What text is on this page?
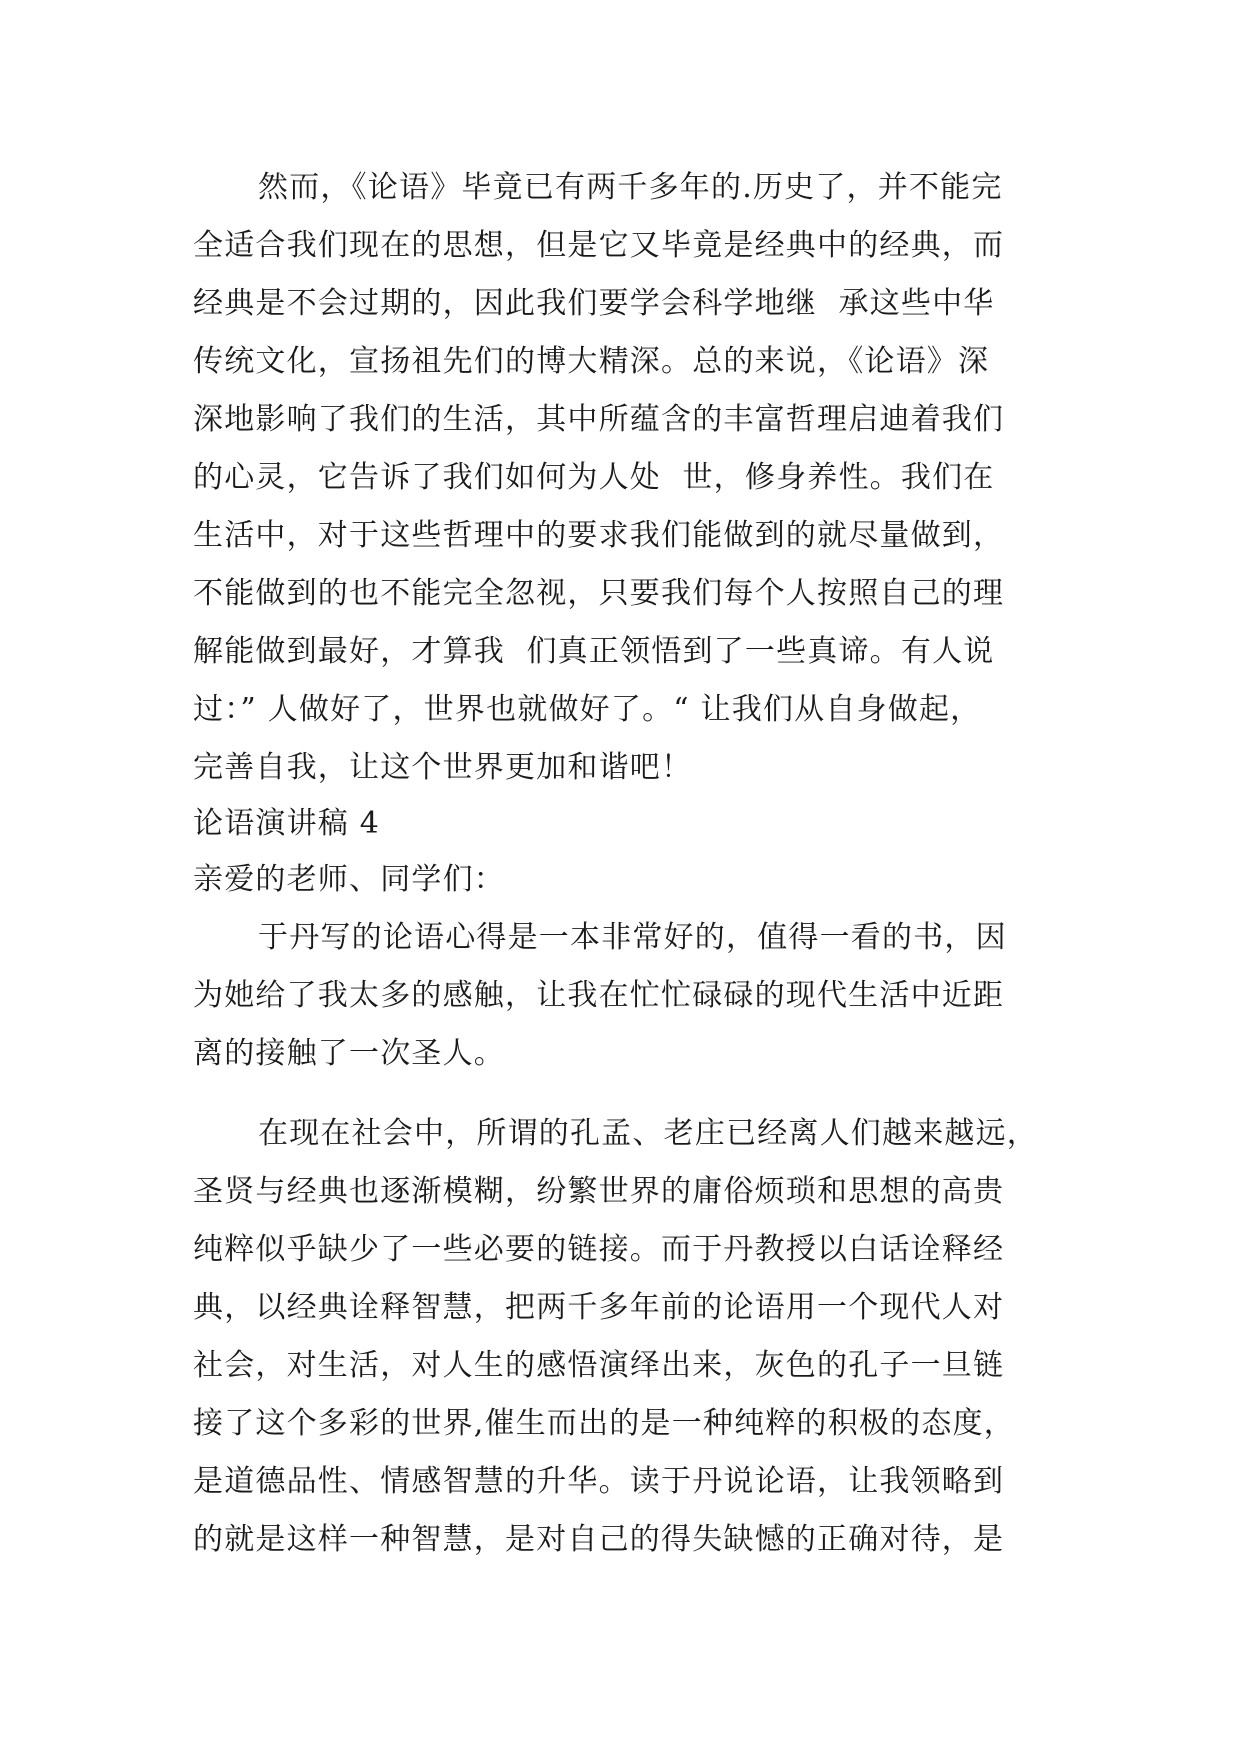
然而，《论语》毕竟已有两千多年的.历史了，并不能完
全适合我们现在的思想，但是它又毕竟是经典中的经典，而
经典是不会过期的，因此我们要学会科学地继  承这些中华
传统文化，宣扬祖先们的博大精深。总的来说，《论语》深
深地影响了我们的生活，其中所蕴含的丰富哲理启迪着我们
的心灵，它告诉了我们如何为人处  世，修身养性。我们在
生活中，对于这些哲理中的要求我们能做到的就尽量做到，
不能做到的也不能完全忽视，只要我们每个人按照自己的理
解能做到最好，才算我  们真正领悟到了一些真谛。有人说
过：” 人做好了，世界也就做好了。“ 让我们从自身做起，
完善自我，让这个世界更加和谐吧！
论语演讲稿 4
亲爱的老师、同学们：
于丹写的论语心得是一本非常好的，值得一看的书，因
为她给了我太多的感触，让我在忙忙碌碌的现代生活中近距
离的接触了一次圣人。
在现在社会中，所谓的孔孟、老庄已经离人们越来越远，
圣贤与经典也逐渐模糊，纷繁世界的庸俗烦琐和思想的高贵
纯粹似乎缺少了一些必要的链接。而于丹教授以白话诠释经
典，以经典诠释智慧，把两千多年前的论语用一个现代人对
社会，对生活，对人生的感悟演绎出来，灰色的孔子一旦链
接了这个多彩的世界,催生而出的是一种纯粹的积极的态度，
是道德品性、情感智慧的升华。读于丹说论语，让我领略到
的就是这样一种智慧，是对自己的得失缺憾的正确对待，是
